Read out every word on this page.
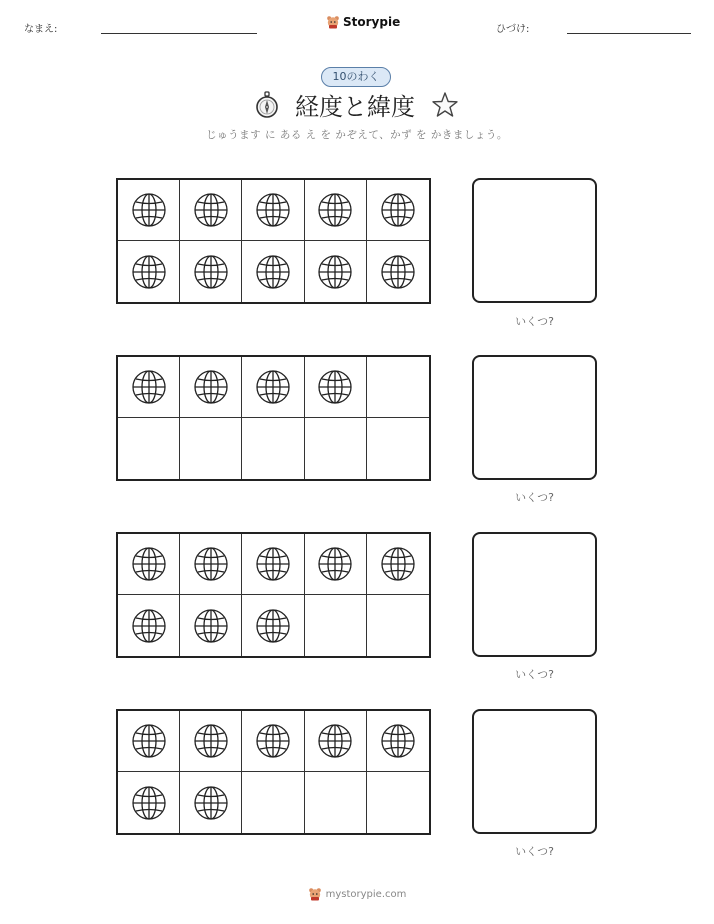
なまえ:
Storypie
ひづけ:
10のわく
経度と緯度
じゅうます に ある え を かぞえて、かず を かきましょう。
いくつ?
いくつ?
いくつ?
いくつ?
mystorypie.com
